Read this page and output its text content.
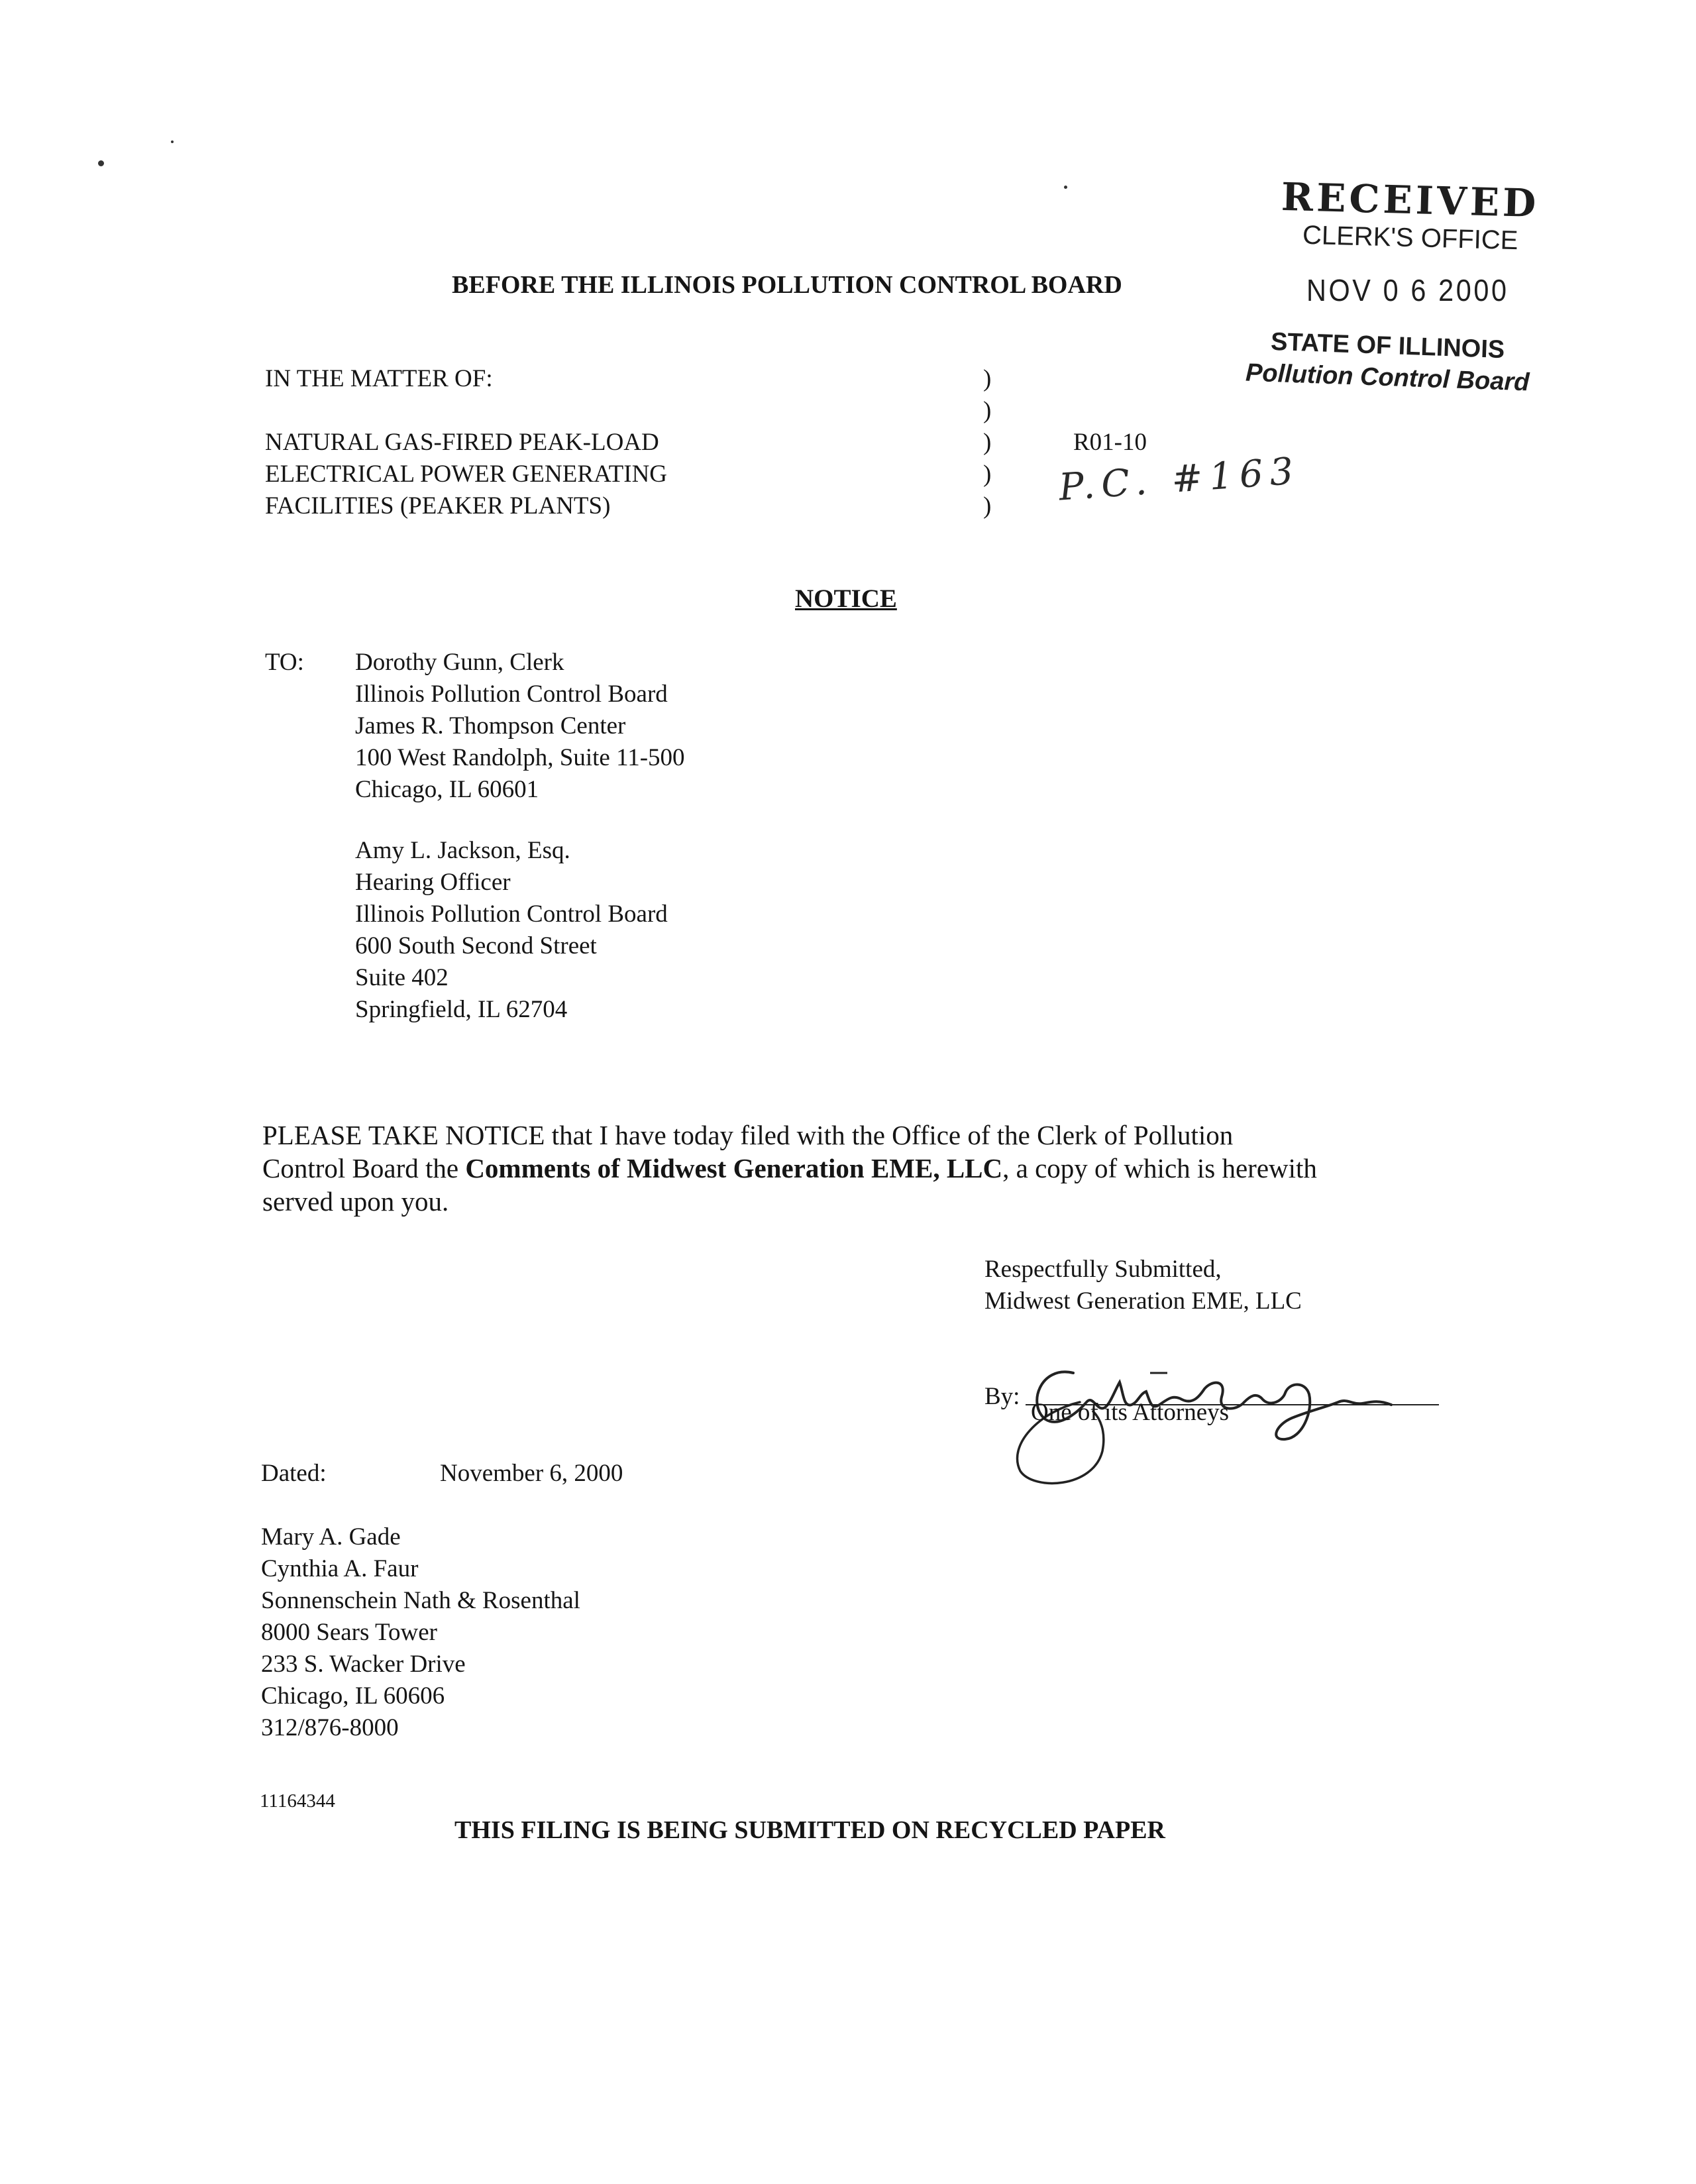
RECEIVED
CLERK'S OFFICE
NOV 0 6 2000
STATE OF ILLINOIS
Pollution Control Board
BEFORE THE ILLINOIS POLLUTION CONTROL BOARD
IN THE MATTER OF:
NATURAL GAS-FIRED PEAK-LOAD
ELECTRICAL POWER GENERATING
FACILITIES (PEAKER PLANTS)
)
)
)
)
)
R01-10
P.C. #163
NOTICE
TO: Dorothy Gunn, Clerk
Illinois Pollution Control Board
James R. Thompson Center
100 West Randolph, Suite 11-500
Chicago, IL 60601
Amy L. Jackson, Esq.
Hearing Officer
Illinois Pollution Control Board
600 South Second Street
Suite 402
Springfield, IL 62704
PLEASE TAKE NOTICE that I have today filed with the Office of the Clerk of Pollution
Control Board the Comments of Midwest Generation EME, LLC, a copy of which is herewith
served upon you.
Respectfully Submitted,
Midwest Generation EME, LLC
By:
One of its Attorneys
Dated:	November 6, 2000
Mary A. Gade
Cynthia A. Faur
Sonnenschein Nath & Rosenthal
8000 Sears Tower
233 S. Wacker Drive
Chicago, IL 60606
312/876-8000
11164344
THIS FILING IS BEING SUBMITTED ON RECYCLED PAPER
